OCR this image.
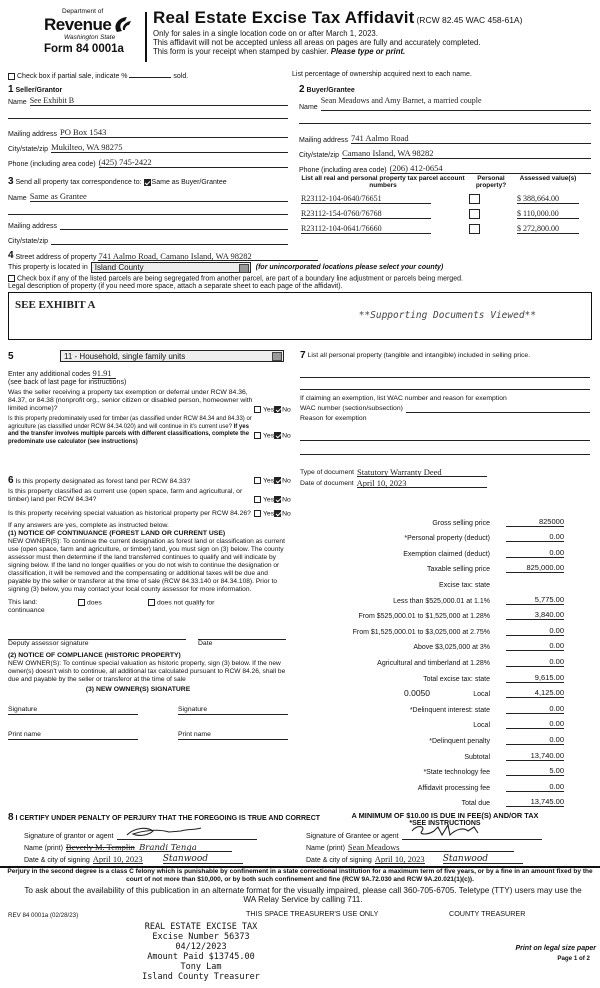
Department of
Revenue
Washington State
Form 84 0001a
Real Estate Excise Tax Affidavit (RCW 82.45 WAC 458-61A)
Only for sales in a single location code on or after March 1, 2023.
This affidavit will not be accepted unless all areas on pages are fully and accurately completed.
This form is your receipt when stamped by cashier. Please type or print.
Check box if partial sale, indicate %	sold.	List percentage of ownership acquired next to each name.
1 Seller/Grantor
Name See Exhibit B
Mailing address PO Box 1543
City/state/zip Mukilteo, WA 98275
Phone (including area code) (425) 745-2422
2 Buyer/Grantee
Name
Sean Meadows and Amy Barnet, a married couple
Mailing address 741 Aalmo Road
City/state/zip Camano Island, WA 98282
Phone (including area code) (206) 412-0654
3 Send all property tax correspondence to: Same as Buyer/Grantee
Name Same as Grantee
Mailing address
City/state/zip
List all real and personal property tax parcel account numbers
Personal property?
Assessed value(s)
R23112-104-0640/76651	$ 388,664.00
R23112-154-0760/76768	$ 110,000.00
R23112-104-0641/76660	$ 272,800.00
4
Street address of property 741 Aalmo Road, Camano Island, WA 98282
This property is located in Island County	(for unincorporated locations please select your county)
Check box if any of the listed parcels are being segregated from another parcel, are part of a boundary line adjustment or parcels being merged.
Legal description of property (if you need more space, attach a separate sheet to each page of the affidavit).
SEE EXHIBIT A
**Supporting Documents Viewed**
5	11 - Household, single family units
Enter any additional codes 91.91
(see back of last page for instructions)
Was the seller receiving a property tax exemption or deferral under RCW 84.36, 84.37, or 84.38 (nonprofit org., senior citizen or disabled person, homeowner with limited income)?	Yes No
Is this property predominately used for timber (as classified under RCW 84.34 and 84.33) or agriculture (as classified under RCW 84.34.020) and will continue in it's current use? If yes and the transfer involves multiple parcels with different classifications, complete the predominate use calculator (see instructions)
Yes No
6 Is this property designated as forest land per RCW 84.33?	Yes No
Is this property classified as current use (open space, farm and agricultural, or timber) land per RCW 84.34?	Yes No
Is this property receiving special valuation as historical property per RCW 84.26?	Yes No
If any answers are yes, complete as instructed below.
(1) NOTICE OF CONTINUANCE (FOREST LAND OR CURRENT USE)
NEW OWNER(S): To continue the current designation as forest land or classification as current use (open space, farm and agriculture, or timber) land, you must sign on (3) below. The county assessor must then determine if the land transferred continues to qualify and will indicate by signing below. If the land no longer qualifies or you do not wish to continue the designation or classification, it will be removed and the compensating or additional taxes will be due and payable by the seller or transferor at the time of sale (RCW 84.33.140 or 84.34.108). Prior to signing (3) below, you may contact your local county assessor for more information.
This land:	does	does not qualify for
continuance
Deputy assessor signature	Date
(2) NOTICE OF COMPLIANCE (HISTORIC PROPERTY)
NEW OWNER(S): To continue special valuation as historic property, sign (3) below. If the new owner(s) doesn't wish to continue, all additional tax calculated pursuant to RCW 84.26, shall be due and payable by the seller or transferor at the time of sale
(3) NEW OWNER(S) SIGNATURE
Signature	Signature
Print name	Print name
7 List all personal property (tangible and intangible) included in selling price.
If claiming an exemption, list WAC number and reason for exemption
WAC number (section/subsection)
Reason for exemption
Type of document Statutory Warranty Deed
Date of document April 10, 2023
Gross selling price	825000
*Personal property (deduct)	0.00
Exemption claimed (deduct)	0.00
Taxable selling price	825,000.00
Excise tax: state
Less than $525,000.01 at 1.1%	5,775.00
From $525,000.01 to $1,525,000 at 1.28%	3,840.00
From $1,525,000.01 to $3,025,000 at 2.75%	0.00
Above $3,025,000 at 3%	0.00
Agricultural and timberland at 1.28%	0.00
Total excise tax: state	9,615.00
0.0050	Local	4,125.00
*Delinquent interest: state	0.00
Local	0.00
*Delinquent penalty	0.00
Subtotal	13,740.00
*State technology fee	5.00
Affidavit processing fee	0.00
Total due	13,745.00
A MINIMUM OF $10.00 IS DUE IN FEE(S) AND/OR TAX
*SEE INSTRUCTIONS
8 I CERTIFY UNDER PENALTY OF PERJURY THAT THE FOREGOING IS TRUE AND CORRECT
Signature of grantor or agent
Name (print) Beverly M. Templin Brandi Tenga
Date & city of signing April 10, 2023 Stanwood
Signature of Grantee or agent
Name (print) Sean Meadows
Date & city of signing April 10, 2023 Stanwood
Perjury in the second degree is a class C felony which is punishable by confinement in a state correctional institution for a maximum term of five years, or by a fine in an amount fixed by the court of not more than $10,000, or by both such confinement and fine (RCW 9A.72.030 and RCW 9A.20.021(1)(c)).
To ask about the availability of this publication in an alternate format for the visually impaired, please call 360-705-6705. Teletype (TTY) users may use the WA Relay Service by calling 711.
REV 84 0001a (02/28/23)	THIS SPACE TREASURER'S USE ONLY	COUNTY TREASURER
REAL ESTATE EXCISE TAX
Excise Number 56373
04/12/2023
Amount Paid $13745.00
Tony Lam
Island County Treasurer
Print on legal size paper
Page 1 of 2
